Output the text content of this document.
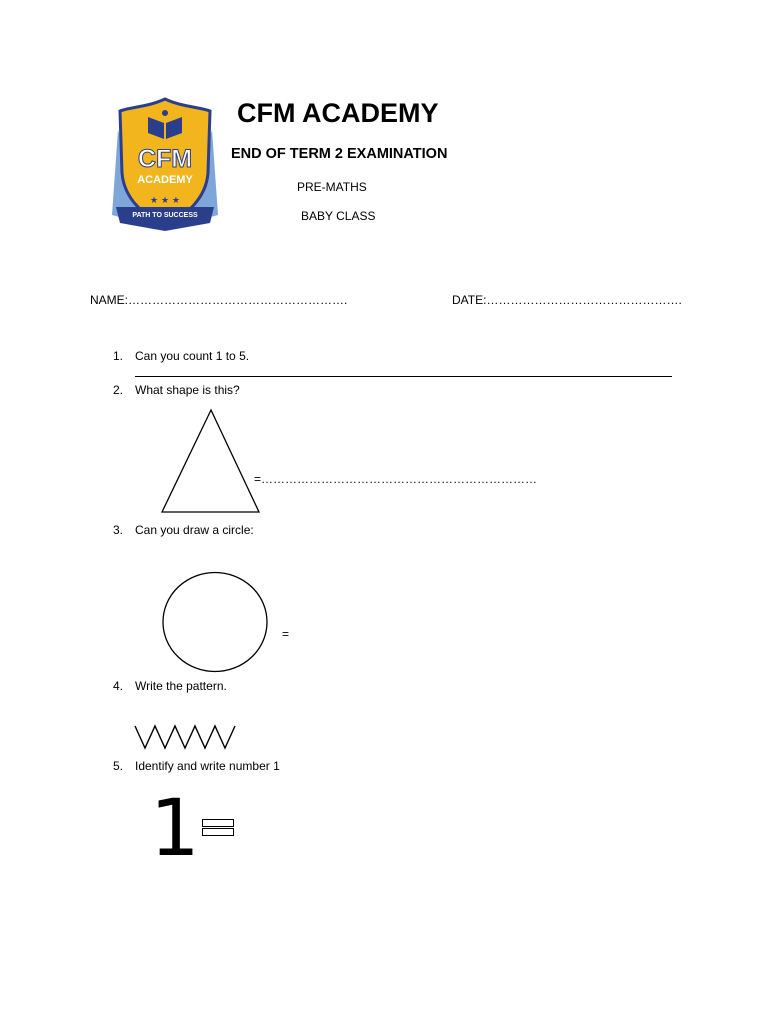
★ ★ ★
CFM
ACADEMY
PATH TO SUCCESS
CFM ACADEMY
END OF TERM 2 EXAMINATION
PRE-MATHS
BABY CLASS
NAME:……………………………………………….	DATE:………………………………………….
1. Can you count 1 to 5.
2. What shape is this?
=……………………………………………………………
3. Can you draw a circle:
=
4. Write the pattern.
5. Identify and write number 1
1
